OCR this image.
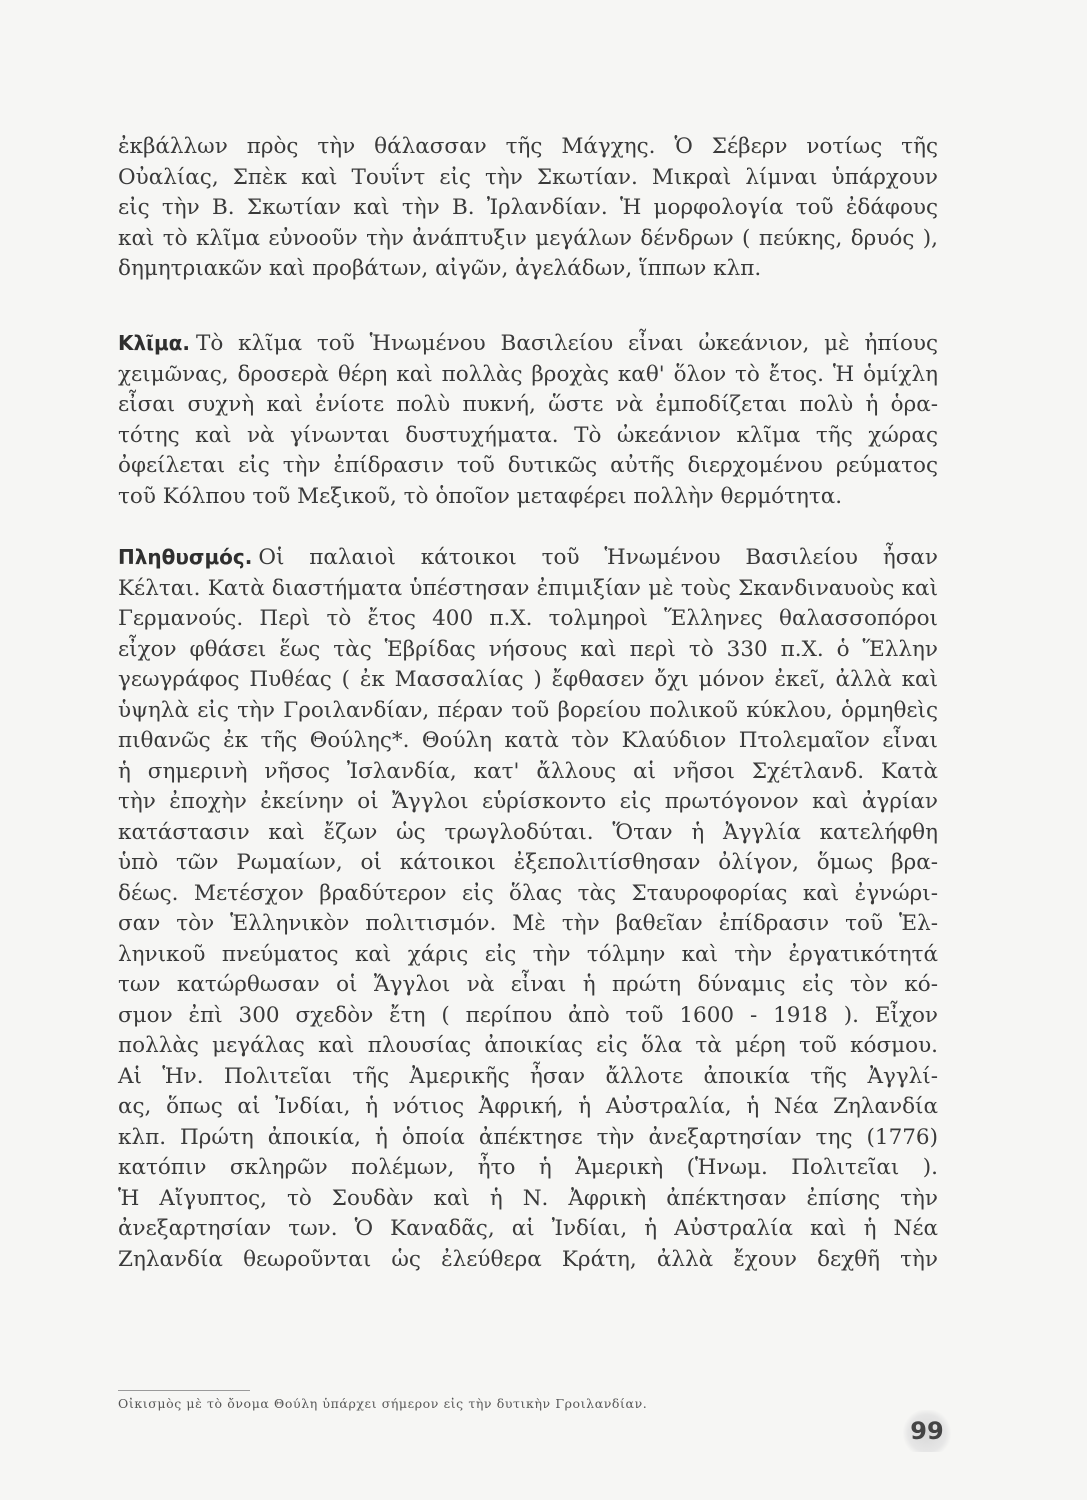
ἐκβάλλων πρὸς τὴν θάλασσαν τῆς Μάγχης. Ὁ Σέβερν νοτίως τῆς
Οὐαλίας, Σπὲκ καὶ Τουΐντ εἰς τὴν Σκωτίαν. Μικραὶ λίμναι ὑπάρχουν
εἰς τὴν Β. Σκωτίαν καὶ τὴν Β. Ἰρλανδίαν. Ἡ μορφολογία τοῦ ἐδάφους
καὶ τὸ κλῖμα εὐνοοῦν τὴν ἀνάπτυξιν μεγάλων δένδρων ( πεύκης, δρυός ),
δημητριακῶν καὶ προβάτων, αἰγῶν, ἀγελάδων, ἵππων κλπ.
Κλῖμα. Τὸ κλῖμα τοῦ Ἡνωμένου Βασιλείου εἶναι ὠκεάνιον, μὲ ἠπίους
χειμῶνας, δροσερὰ θέρη καὶ πολλὰς βροχὰς καθ' ὅλον τὸ ἔτος. Ἡ ὁμίχλη
εἶσαι συχνὴ καὶ ἐνίοτε πολὺ πυκνή, ὥστε νὰ ἐμποδίζεται πολὺ ἡ ὁρα-
τότης καὶ νὰ γίνωνται δυστυχήματα. Τὸ ὠκεάνιον κλῖμα τῆς χώρας
ὀφείλεται εἰς τὴν ἐπίδρασιν τοῦ δυτικῶς αὐτῆς διερχομένου ρεύματος
τοῦ Κόλπου τοῦ Μεξικοῦ, τὸ ὁποῖον μεταφέρει πολλὴν θερμότητα.
Πληθυσμός. Οἱ παλαιοὶ κάτοικοι τοῦ Ἡνωμένου Βασιλείου ἦσαν
Κέλται. Κατὰ διαστήματα ὑπέστησαν ἐπιμιξίαν μὲ τοὺς Σκανδιναυοὺς καὶ
Γερμανούς. Περὶ τὸ ἔτος 400 π.Χ. τολμηροὶ Ἕλληνες θαλασσοπόροι
εἶχον φθάσει ἕως τὰς Ἑβρίδας νήσους καὶ περὶ τὸ 330 π.Χ. ὁ Ἕλλην
γεωγράφος Πυθέας ( ἐκ Μασσαλίας ) ἔφθασεν ὄχι μόνον ἐκεῖ, ἀλλὰ καὶ
ὑψηλὰ εἰς τὴν Γροιλανδίαν, πέραν τοῦ βορείου πολικοῦ κύκλου, ὁρμηθεὶς
πιθανῶς ἐκ τῆς Θούλης*. Θούλη κατὰ τὸν Κλαύδιον Πτολεμαῖον εἶναι
ἡ σημερινὴ νῆσος Ἰσλανδία, κατ' ἄλλους αἱ νῆσοι Σχέτλανδ. Κατὰ
τὴν ἐποχὴν ἐκείνην οἱ Ἄγγλοι εὑρίσκοντο εἰς πρωτόγονον καὶ ἀγρίαν
κατάστασιν καὶ ἔζων ὡς τρωγλοδύται. Ὅταν ἡ Ἀγγλία κατελήφθη
ὑπὸ τῶν Ρωμαίων, οἱ κάτοικοι ἐξεπολιτίσθησαν ὀλίγον, ὅμως βρα-
δέως. Μετέσχον βραδύτερον εἰς ὅλας τὰς Σταυροφορίας καὶ ἐγνώρι-
σαν τὸν Ἑλληνικὸν πολιτισμόν. Μὲ τὴν βαθεῖαν ἐπίδρασιν τοῦ Ἑλ-
ληνικοῦ πνεύματος καὶ χάρις εἰς τὴν τόλμην καὶ τὴν ἐργατικότητά
των κατώρθωσαν οἱ Ἄγγλοι νὰ εἶναι ἡ πρώτη δύναμις εἰς τὸν κό-
σμον ἐπὶ 300 σχεδὸν ἔτη ( περίπου ἀπὸ τοῦ 1600 - 1918 ). Εἶχον
πολλὰς μεγάλας καὶ πλουσίας ἀποικίας εἰς ὅλα τὰ μέρη τοῦ κόσμου.
Αἱ Ἡν. Πολιτεῖαι τῆς Ἀμερικῆς ἦσαν ἄλλοτε ἀποικία τῆς Ἀγγλί-
ας, ὅπως αἱ Ἰνδίαι, ἡ νότιος Ἀφρική, ἡ Αὐστραλία, ἡ Νέα Ζηλανδία
κλπ. Πρώτη ἀποικία, ἡ ὁποία ἀπέκτησε τὴν ἀνεξαρτησίαν της (1776)
κατόπιν σκληρῶν πολέμων, ἦτο ἡ Ἀμερικὴ (Ἡνωμ. Πολιτεῖαι ).
Ἡ Αἴγυπτος, τὸ Σουδὰν καὶ ἡ Ν. Ἀφρικὴ ἀπέκτησαν ἐπίσης τὴν
ἀνεξαρτησίαν των. Ὁ Καναδᾶς, αἱ Ἰνδίαι, ἡ Αὐστραλία καὶ ἡ Νέα
Ζηλανδία θεωροῦνται ὡς ἐλεύθερα Κράτη, ἀλλὰ ἔχουν δεχθῆ τὴν
Οἰκισμὸς μὲ τὸ ὄνομα Θούλη ὑπάρχει σήμερον εἰς τὴν δυτικὴν Γροιλανδίαν.
99
